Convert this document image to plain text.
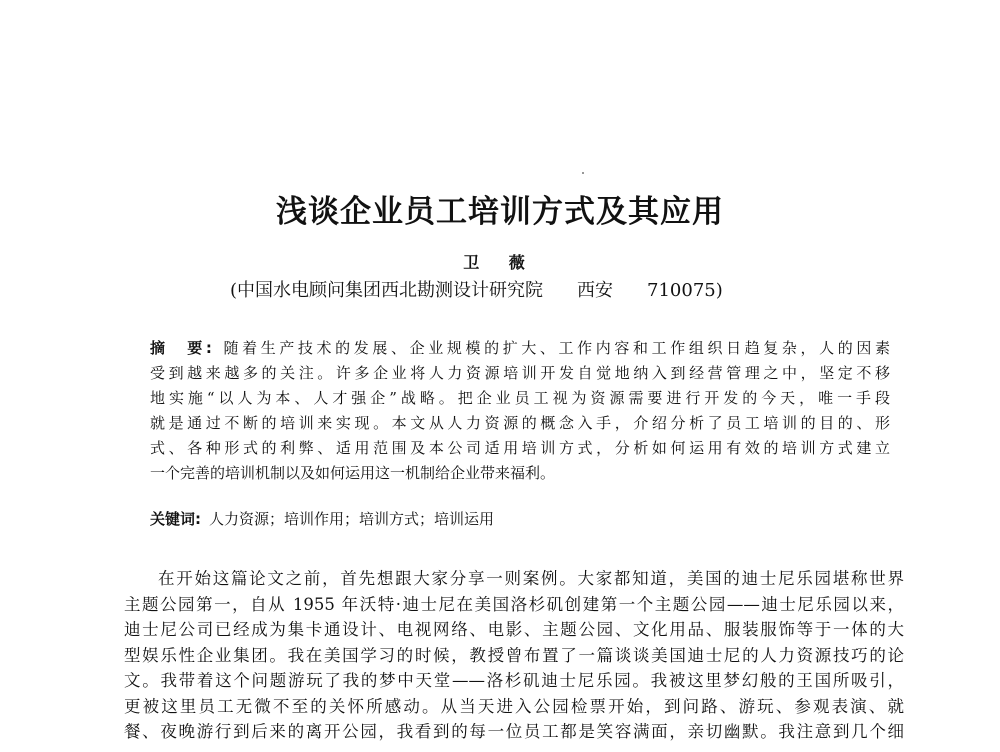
浅谈企业员工培训方式及其应用
卫 薇
(中国水电顾问集团西北勘测设计研究院 西安 710075)
摘　要: 随着生产技术的发展、企业规模的扩大、工作内容和工作组织日趋复杂，人的因素
受到越来越多的关注。许多企业将人力资源培训开发自觉地纳入到经营管理之中，坚定不移
地实施“以人为本、人才强企”战略。把企业员工视为资源需要进行开发的今天，唯一手段
就是通过不断的培训来实现。本文从人力资源的概念入手，介绍分析了员工培训的目的、形
式、各种形式的利弊、适用范围及本公司适用培训方式，分析如何运用有效的培训方式建立
一个完善的培训机制以及如何运用这一机制给企业带来福利。
关键词: 人力资源；培训作用；培训方式；培训运用
在开始这篇论文之前，首先想跟大家分享一则案例。大家都知道，美国的迪士尼乐园堪称世界
主题公园第一，自从 1955 年沃特·迪士尼在美国洛杉矶创建第一个主题公园——迪士尼乐园以来，
迪士尼公司已经成为集卡通设计、电视网络、电影、主题公园、文化用品、服装服饰等于一体的大
型娱乐性企业集团。我在美国学习的时候，教授曾布置了一篇谈谈美国迪士尼的人力资源技巧的论
文。我带着这个问题游玩了我的梦中天堂——洛杉矶迪士尼乐园。我被这里梦幻般的王国所吸引，
更被这里员工无微不至的关怀所感动。从当天进入公园检票开始，到问路、游玩、参观表演、就
餐、夜晚游行到后来的离开公园，我看到的每一位员工都是笑容满面，亲切幽默。我注意到几个细
